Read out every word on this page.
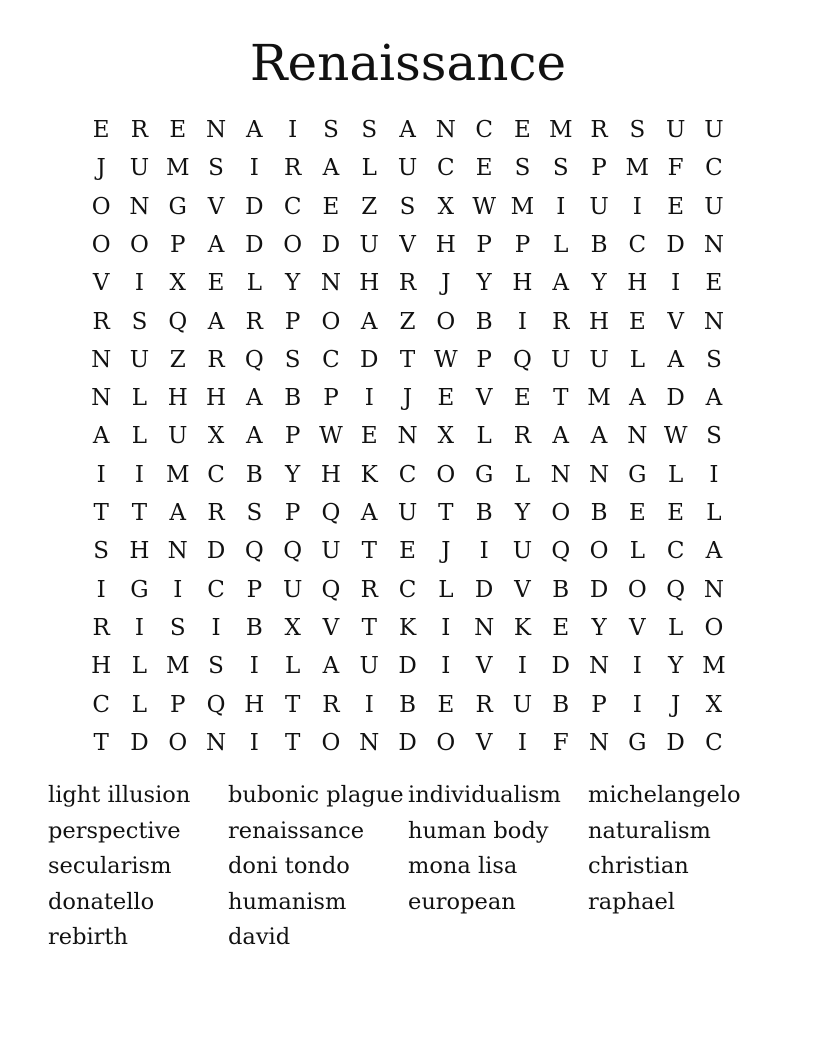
Renaissance
E R E N A	I	S S A N C E M R S U U
J	U M S	I	R A L U C E S S P M F C
O N G V D C E Z S X W M I	U	I	E U
O O P A D O D U V H P P L B C D N
V	I	X E L	Y N H R	J	Y H A Y H	I	E
R S Q A R P O A Z O B	I	R H E V N
N U Z R Q S C D T W P Q U U L A S
N L H H A B P	I	J	E V E T M A D A
A L U X A P W E N X L R A A N W S
I	I M C B Y H K C O G L N N G L	I
T T A R S P Q A U T B Y O B E E L
S H N D Q Q U T E	J	I	U Q O L C A
I	G	I	C P U Q R C L D V B D O Q N
R	I	S	I	B X V T K	I	N K E Y V L O
H L M S	I	L A U D	I	V	I	D N	I	Y M
C L P Q H T R	I	B E R U B P	I	J	X
T D O N	I	T O N D O V	I	F N G D C
light illusion bubonic plague individualism michelangelo
perspective renaissance human body naturalism
secularism	doni tondo	mona lisa	christian
donatello	humanism	european	raphael
rebirth	david
